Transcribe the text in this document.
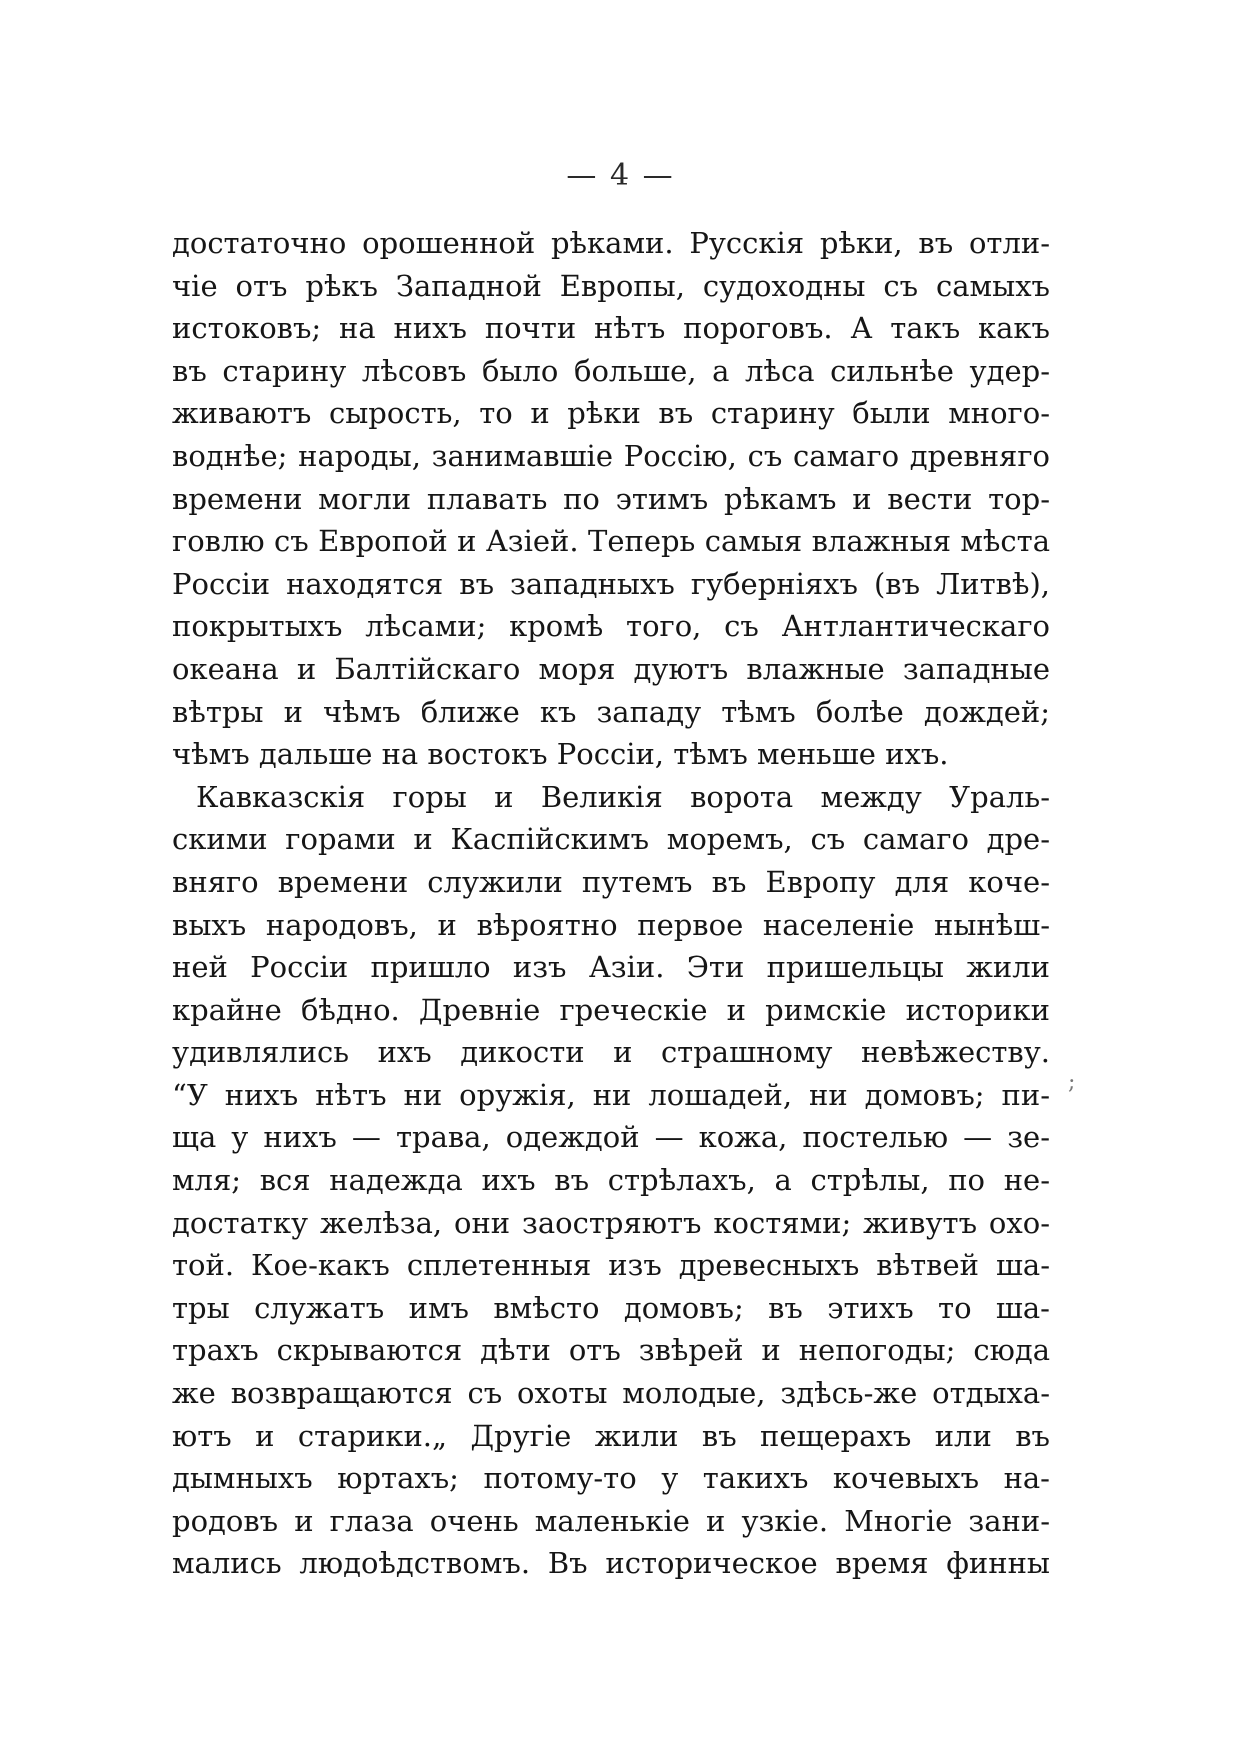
— 4 —
достаточно орошенной рѣками. Русскія рѣки, въ отли-
чіе отъ рѣкъ Западной Европы, судоходны съ самыхъ
истоковъ; на нихъ почти нѣтъ пороговъ. А такъ какъ
въ старину лѣсовъ было больше, а лѣса сильнѣе удер-
живаютъ сырость, то и рѣки въ старину были много-
воднѣе; народы, занимавшіе Россію, съ самаго древняго
времени могли плавать по этимъ рѣкамъ и вести тор-
говлю съ Европой и Азіей. Теперь самыя влажныя мѣста
Россіи находятся въ западныхъ губерніяхъ (въ Литвѣ),
покрытыхъ лѣсами; кромѣ того, съ Антлантическаго
океана и Балтійскаго моря дуютъ влажные западные
вѣтры и чѣмъ ближе къ западу тѣмъ болѣе дождей;
чѣмъ дальше на востокъ Россіи, тѣмъ меньше ихъ.
Кавказскія горы и Великія ворота между Ураль-
скими горами и Каспійскимъ моремъ, съ самаго дре-
вняго времени служили путемъ въ Европу для коче-
выхъ народовъ, и вѣроятно первое населеніе нынѣш-
ней Россіи пришло изъ Азіи. Эти пришельцы жили
крайне бѣдно. Древніе греческіе и римскіе историки
удивлялись ихъ дикости и страшному невѣжеству.
“У нихъ нѣтъ ни оружія, ни лошадей, ни домовъ; пи-
ща у нихъ — трава, одеждой — кожа, постелью — зе-
мля; вся надежда ихъ въ стрѣлахъ, а стрѣлы, по не-
достатку желѣза, они заостряютъ костями; живутъ охо-
той. Кое-какъ сплетенныя изъ древесныхъ вѣтвей ша-
тры служатъ имъ вмѣсто домовъ; въ этихъ то ша-
трахъ скрываются дѣти отъ звѣрей и непогоды; сюда
же возвращаются съ охоты молодые, здѣсь-же отдыха-
ютъ и старики.„ Другіе жили въ пещерахъ или въ
дымныхъ юртахъ; потому-то у такихъ кочевыхъ на-
родовъ и глаза очень маленькіе и узкіе. Многіе зани-
мались людоѣдствомъ. Въ историческое время финны
;
